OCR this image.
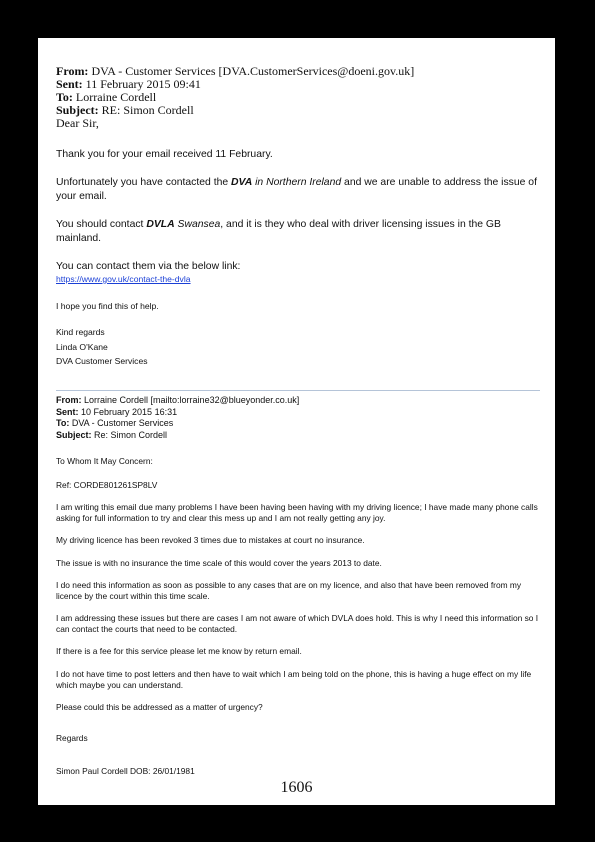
From: DVA - Customer Services [DVA.CustomerServices@doeni.gov.uk]
Sent: 11 February 2015 09:41
To: Lorraine Cordell
Subject: RE: Simon Cordell
Dear Sir,
Thank you for your email received 11 February.
Unfortunately you have contacted the DVA in Northern Ireland and we are unable to address the issue of your email.
You should contact DVLA Swansea, and it is they who deal with driver licensing issues in the GB mainland.
You can contact them via the below link:
https://www.gov.uk/contact-the-dvla
I hope you find this of help.
Kind regards
Linda O'Kane
DVA Customer Services
From: Lorraine Cordell [mailto:lorraine32@blueyonder.co.uk]
Sent: 10 February 2015 16:31
To: DVA - Customer Services
Subject: Re: Simon Cordell
To Whom It May Concern:
Ref: CORDE801261SP8LV
I am writing this email due many problems I have been having been having with my driving licence; I have made many phone calls asking for full information to try and clear this mess up and I am not really getting any joy.
My driving licence has been revoked 3 times due to mistakes at court no insurance.
The issue is with no insurance the time scale of this would cover the years 2013 to date.
I do need this information as soon as possible to any cases that are on my licence, and also that have been removed from my licence by the court within this time scale.
I am addressing these issues but there are cases I am not aware of which DVLA does hold. This is why I need this information so I can contact the courts that need to be contacted.
If there is a fee for this service please let me know by return email.
I do not have time to post letters and then have to wait which I am being told on the phone, this is having a huge effect on my life which maybe you can understand.
Please could this be addressed as a matter of urgency?
Regards
Simon Paul Cordell DOB: 26/01/1981
1606
